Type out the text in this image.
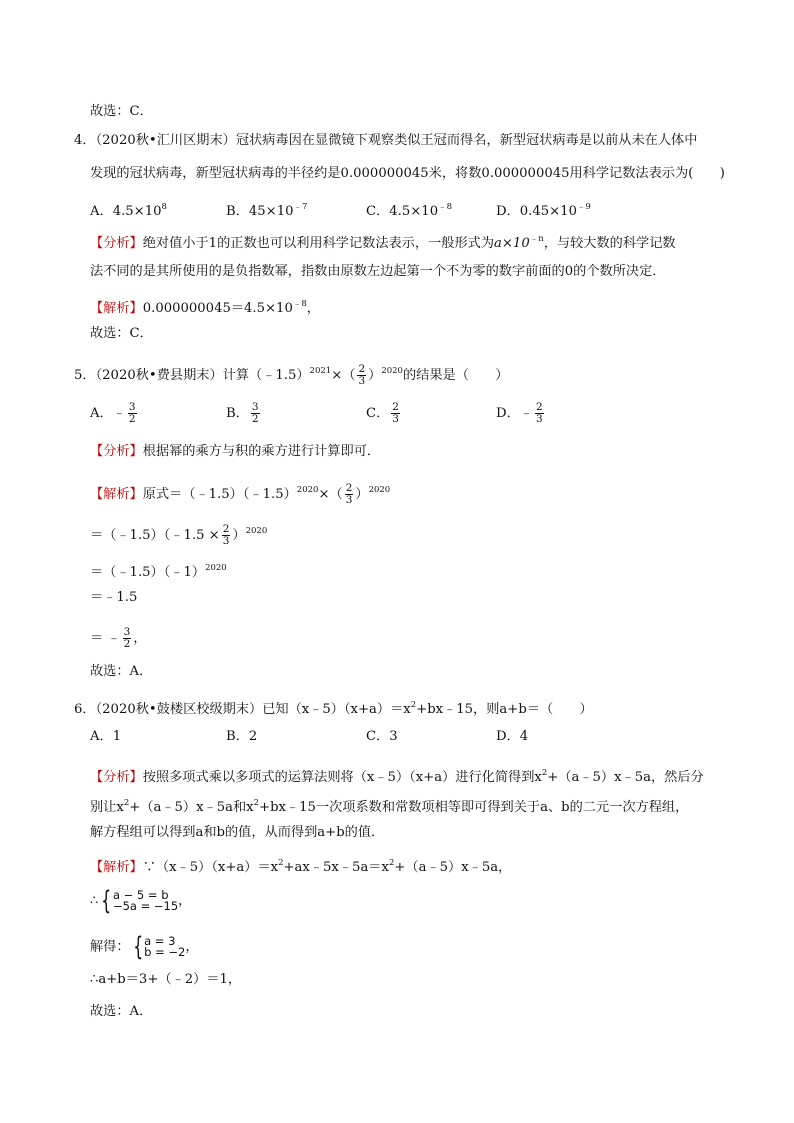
故选：C．
4．（2020秋•汇川区期末）冠状病毒因在显微镜下观察类似王冠而得名，新型冠状病毒是以前从未在人体中
发现的冠状病毒，新型冠状病毒的半径约是0.000000045米，将数0.000000045用科学记数法表示为(　　)
A．$4.5\times 10^8$	B．$45\times 10^{﹣7}$	C．$4.5\times 10^{﹣8}$	D．$0.45\times 10^{﹣9}$
【分析】绝对值小于1的正数也可以利用科学记数法表示，一般形式为$a\times 10^{﹣n}$，与较大数的科学记数
法不同的是其所使用的是负指数幂，指数由原数左边起第一个不为零的数字前面的0的个数所决定．
【解析】$0.000000045=4.5\times 10^{﹣8}$，
故选：C．
5．（2020秋•费县期末）计算（﹣1.5）$^{2021}$×（ $\frac{2}{3} )^{2020}$的结果是（　　）
A．﹣ $\frac{3}{2}$	B． $\frac{3}{2}$	C． $\frac{2}{3}$	D．﹣ $\frac{2}{3}$
【分析】根据幂的乘方与积的乘方进行计算即可．
【解析】原式＝（﹣1.5）（﹣1.5）$^{2020}$×（ $\frac{2}{3} )^{2020}$
＝（﹣1.5）（﹣1.5 × $\frac{2}{3} )^{2020}$
＝（﹣1.5）（﹣1）$^{2020}$
＝﹣1.5
＝ ﹣ $\frac{3}{2}$ ，
故选：A．
6．（2020秋•鼓楼区校级期末）已知$(x﹣5)(x+a)=x^2+bx﹣15$，则a+b＝（　　）
A．1	B．2	C．3	D．4
【分析】按照多项式乘以多项式的运算法则将（x﹣5）（x+a）进行化简得到$x^2+(a﹣5)x﹣5a$，然后分
别让$x^2+(a﹣5)x﹣5a$和$x^2+bx﹣15$一次项系数和常数项相等即可得到关于a、b的二元一次方程组，
解方程组可以得到a和b的值，从而得到a+b的值．
【解析】$\because(x﹣5)(x+a)=x^2+ax﹣5x﹣5a=x^2+(a﹣5)x﹣5a$，
∴ { a − 5 = b
−5a = −15 ，
解得： { a = 3
b = −2 ，
∴a+b＝3+（﹣2）＝1，
故选：A．
